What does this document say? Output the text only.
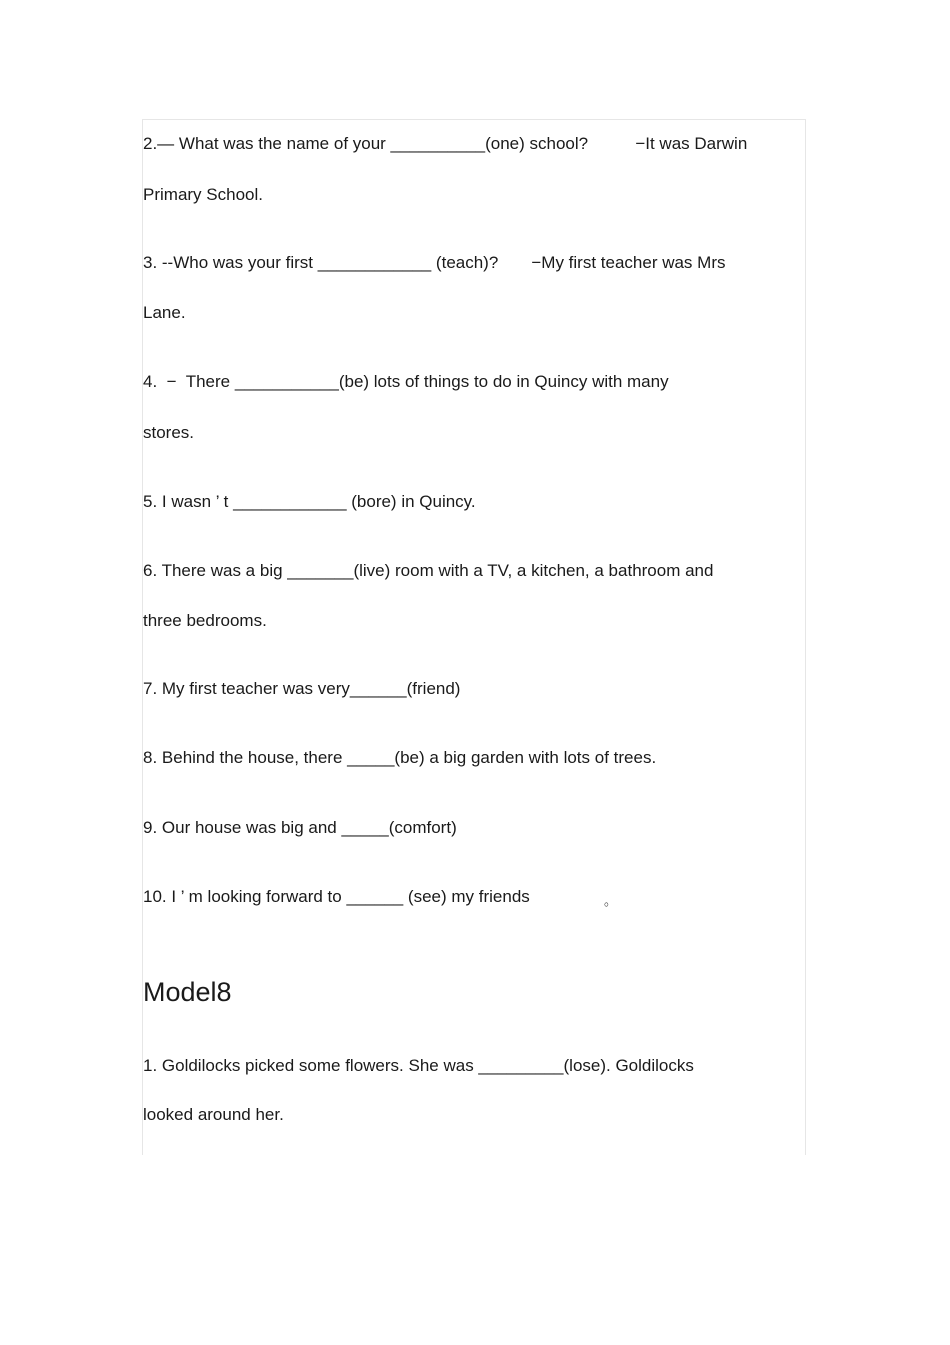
2.— What was the name of your __________(one) school?          −It was Darwin

Primary School.

3. --Who was your first ____________ (teach)?       −My first teacher was Mrs

Lane.

4.  −  There ___________(be) lots of things to do in Quincy with many

stores.

5. I wasn ’ t ____________ (bore) in Quincy.

6. There was a big _______(live) room with a TV, a kitchen, a bathroom and

three bedrooms.

7. My first teacher was very______(friend)

8. Behind the house, there _____(be) a big garden with lots of trees.

9. Our house was big and _____(comfort)

10. I ’ m looking forward to ______ (see) my friends	。
Model8

1. Goldilocks picked some flowers. She was _________(lose). Goldilocks

looked around her.
